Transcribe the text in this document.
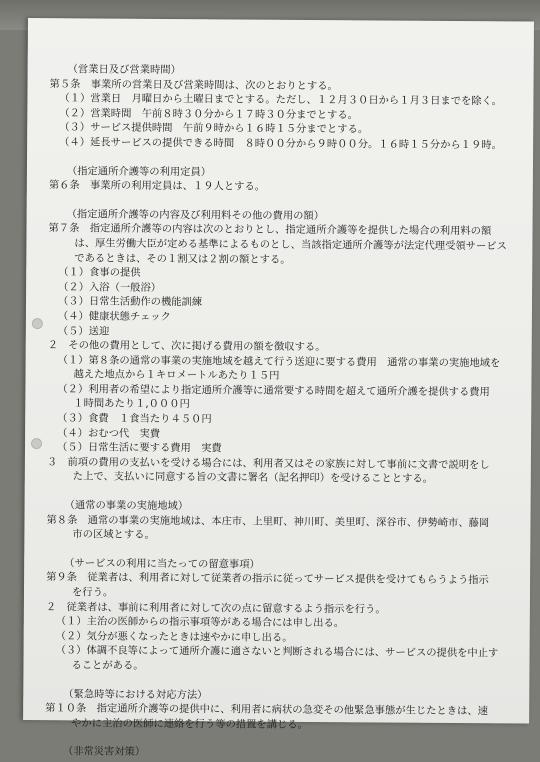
（営業日及び営業時間）

第５条　事業所の営業日及び営業時間は、次のとおりとする。

（１）営業日　月曜日から土曜日までとする。ただし、１２月３０日から１月３日までを除く。

（２）営業時間　午前８時３０分から１７時３０分までとする。

（３）サービス提供時間　午前９時から１６時１５分までとする。

（４）延長サービスの提供できる時間　８時００分から９時００分。１６時１５分から１９時。

（指定通所介護等の利用定員）

第６条　事業所の利用定員は、１９人とする。

（指定通所介護等の内容及び利用料その他の費用の額）

第７条　指定通所介護等の内容は次のとおりとし、指定通所介護等を提供した場合の利用料の額

は、厚生労働大臣が定める基準によるものとし、当該指定通所介護等が法定代理受領サービス

であるときは、その１割又は２割の額とする。

（１）食事の提供

（２）入浴（一般浴）

（３）日常生活動作の機能訓練

（４）健康状態チェック

（５）送迎

２　その他の費用として、次に掲げる費用の額を徴収する。

（１）第８条の通常の事業の実施地域を越えて行う送迎に要する費用　通常の事業の実施地域を

越えた地点から１キロメートルあたり１５円

（２）利用者の希望により指定通所介護等に通常要する時間を超えて通所介護を提供する費用

１時間あたり１,０００円

（３）食費　１食当たり４５０円

（４）おむつ代　実費

（５）日常生活に要する費用　実費

３　前項の費用の支払いを受ける場合には、利用者又はその家族に対して事前に文書で説明をし

た上で、支払いに同意する旨の文書に署名（記名押印）を受けることとする。

（通常の事業の実施地域）

第８条　通常の事業の実施地域は、本庄市、上里町、神川町、美里町、深谷市、伊勢崎市、藤岡

市の区域とする。

（サービスの利用に当たっての留意事項）

第９条　従業者は、利用者に対して従業者の指示に従ってサービス提供を受けてもらうよう指示

を行う。

２　従業者は、事前に利用者に対して次の点に留意するよう指示を行う。

（１）主治の医師からの指示事項等がある場合には申し出る。

（２）気分が悪くなったときは速やかに申し出る。

（３）体調不良等によって通所介護に適さないと判断される場合には、サービスの提供を中止す

ることがある。

（緊急時等における対応方法）

第１０条　指定通所介護等の提供中に、利用者に病状の急変その他緊急事態が生じたときは、速

やかに主治の医師に連絡を行う等の措置を講じる。

（非常災害対策）
